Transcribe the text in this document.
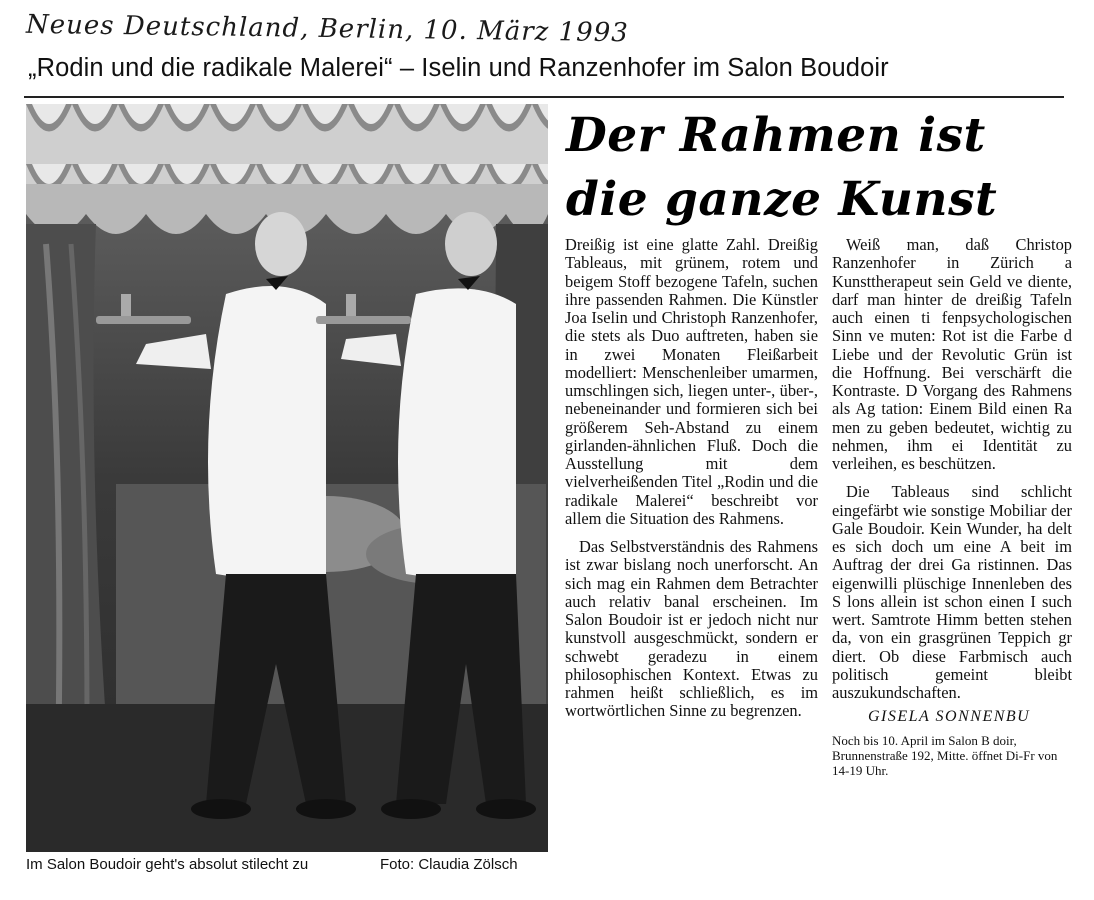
Neues Deutschland, Berlin, 10. März 1993
„Rodin und die radikale Malerei“ – Iselin und Ranzenhofer im Salon Boudoir
Im Salon Boudoir geht's absolut stilecht zu	Foto: Claudia Zölsch
Der Rahmen ist
die ganze Kunst

Dreißig ist eine glatte Zahl. Dreißig Tableaus, mit grünem, rotem und beigem Stoff bezogene Tafeln, suchen ihre passenden Rahmen. Die Künstler Joa Iselin und Christoph Ranzenhofer, die stets als Duo auftreten, haben sie in zwei Monaten Fleißarbeit modelliert: Menschenleiber umarmen, umschlingen sich, liegen unter-, über-, nebeneinander und formieren sich bei größerem Seh-Abstand zu einem girlanden-ähnlichen Fluß. Doch die Ausstellung mit dem vielverheißenden Titel „Rodin und die radikale Malerei“ beschreibt vor allem die Situation des Rahmens.

Das Selbstverständnis des Rahmens ist zwar bislang noch unerforscht. An sich mag ein Rahmen dem Betrachter auch relativ banal erscheinen. Im Salon Boudoir ist er jedoch nicht nur kunstvoll ausgeschmückt, sondern er schwebt geradezu in einem philosophischen Kontext. Etwas zu rahmen heißt schließlich, es im wortwörtlichen Sinne zu begrenzen.

Weiß man, daß Christop Ranzenhofer in Zürich a Kunsttherapeut sein Geld ve diente, darf man hinter de dreißig Tafeln auch einen ti fenpsychologischen Sinn ve muten: Rot ist die Farbe d Liebe und der Revolutic Grün ist die Hoffnung. Bei verschärft die Kontraste. D Vorgang des Rahmens als Ag tation: Einem Bild einen Ra men zu geben bedeutet, wichtig zu nehmen, ihm ei Identität zu verleihen, es beschützen.

Die Tableaus sind schlicht eingefärbt wie sonstige Mobiliar der Gale Boudoir. Kein Wunder, ha delt es sich doch um eine A beit im Auftrag der drei Ga ristinnen. Das eigenwilli plüschige Innenleben des S lons allein ist schon einen I such wert. Samtrote Himm betten stehen da, von ein grasgrünen Teppich gr diert. Ob diese Farbmisch auch politisch gemeint bleibt auszukundschaften.

GISELA SONNENBU
Noch bis 10. April im Salon B doir, Brunnenstraße 192, Mitte. öffnet Di-Fr von 14-19 Uhr.
